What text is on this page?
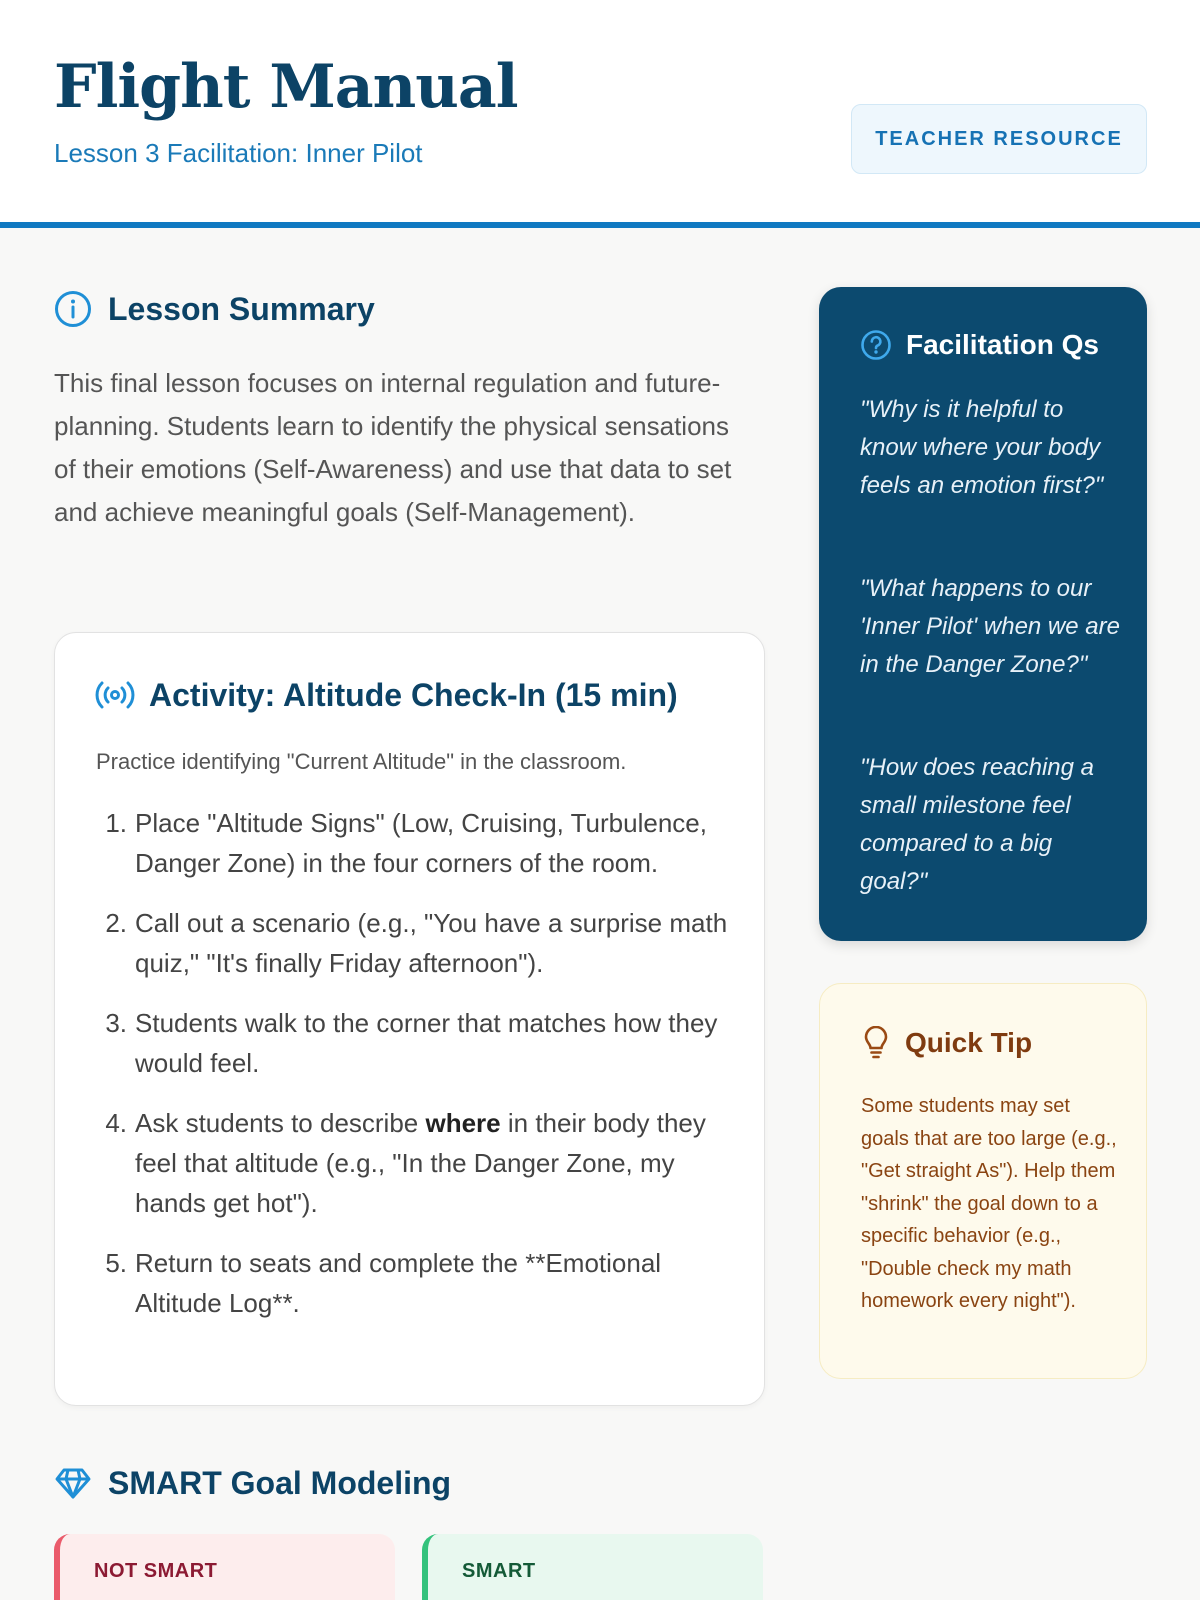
Flight Manual
Lesson 3 Facilitation: Inner Pilot	TEACHER RESOURCE
Lesson Summary

This final lesson focuses on internal regulation and future-planning. Students learn to identify the physical sensations of their emotions (Self-Awareness) and use that data to set and achieve meaningful goals (Self-Management).

Activity: Altitude Check-In (15 min)
Practice identifying "Current Altitude" in the classroom.
1. Place "Altitude Signs" (Low, Cruising, Turbulence, Danger Zone) in the four corners of the room.
2. Call out a scenario (e.g., "You have a surprise math quiz," "It's finally Friday afternoon").
3. Students walk to the corner that matches how they would feel.
4. Ask students to describe where in their body they feel that altitude (e.g., "In the Danger Zone, my hands get hot").
5. Return to seats and complete the **Emotional Altitude Log**.
SMART Goal Modeling
NOT SMART	SMART
Facilitation Qs

"Why is it helpful to know where your body feels an emotion first?"

"What happens to our 'Inner Pilot' when we are in the Danger Zone?"

"How does reaching a small milestone feel compared to a big goal?"

Quick Tip

Some students may set goals that are too large (e.g., "Get straight As"). Help them "shrink" the goal down to a specific behavior (e.g., "Double check my math homework every night").
